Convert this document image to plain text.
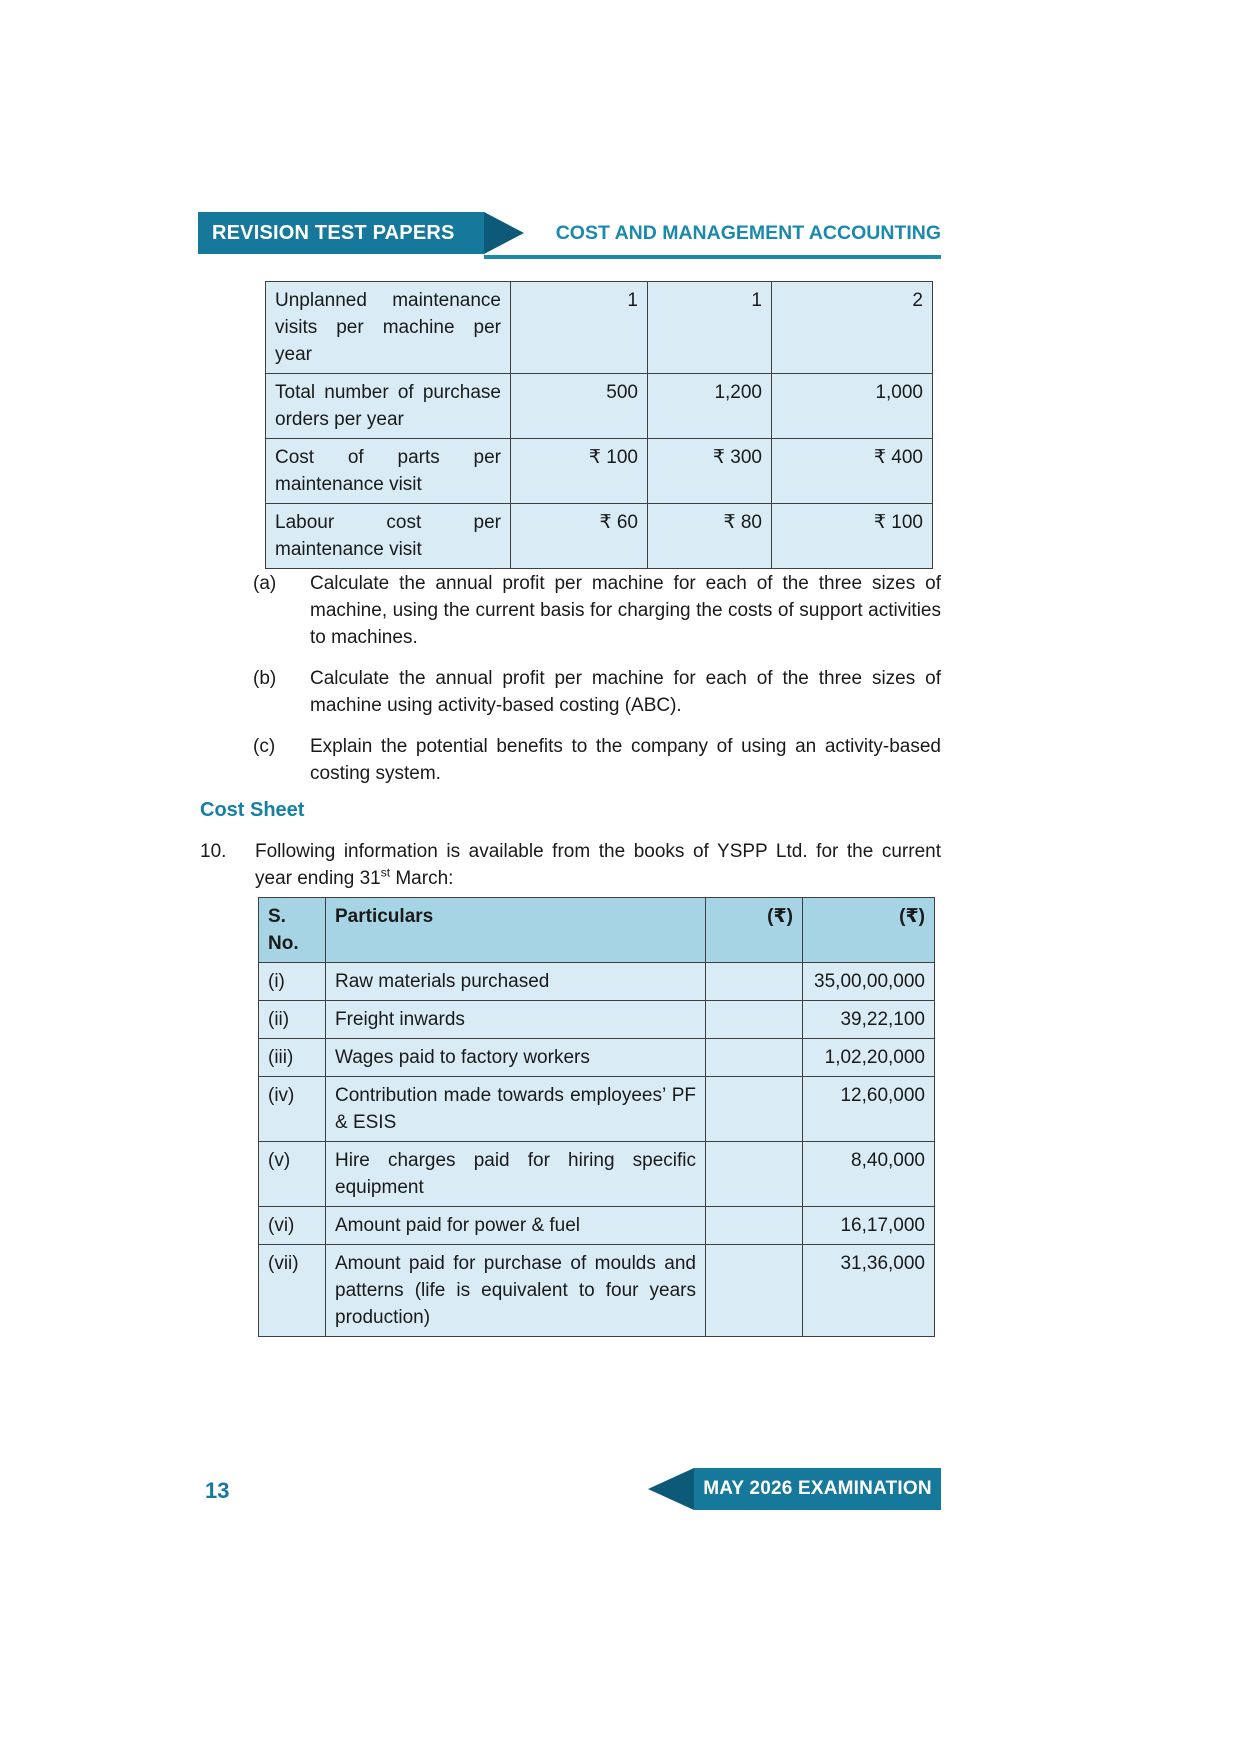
REVISION TEST PAPERS	COST AND MANAGEMENT ACCOUNTING
Unplanned maintenance visits per machine per year	1	1	2
Total number of purchase orders per year	500	1,200	1,000
Cost of parts per maintenance visit	₹ 100	₹ 300	₹ 400
Labour cost per maintenance visit	₹ 60	₹ 80	₹ 100
(a)	Calculate the annual profit per machine for each of the three sizes of machine, using the current basis for charging the costs of support activities to machines.
(b)	Calculate the annual profit per machine for each of the three sizes of machine using activity-based costing (ABC).
(c)	Explain the potential benefits to the company of using an activity-based costing system.
Cost Sheet
10.	Following information is available from the books of YSPP Ltd. for the current year ending 31st March:
S. No.	Particulars	(₹)	(₹)
(i)	Raw materials purchased		35,00,00,000
(ii)	Freight inwards		39,22,100
(iii)	Wages paid to factory workers		1,02,20,000
(iv)	Contribution made towards employees’ PF & ESIS		12,60,000
(v)	Hire charges paid for hiring specific equipment		8,40,000
(vi)	Amount paid for power & fuel		16,17,000
(vii)	Amount paid for purchase of moulds and patterns (life is equivalent to four years production)		31,36,000
13	MAY 2026 EXAMINATION
